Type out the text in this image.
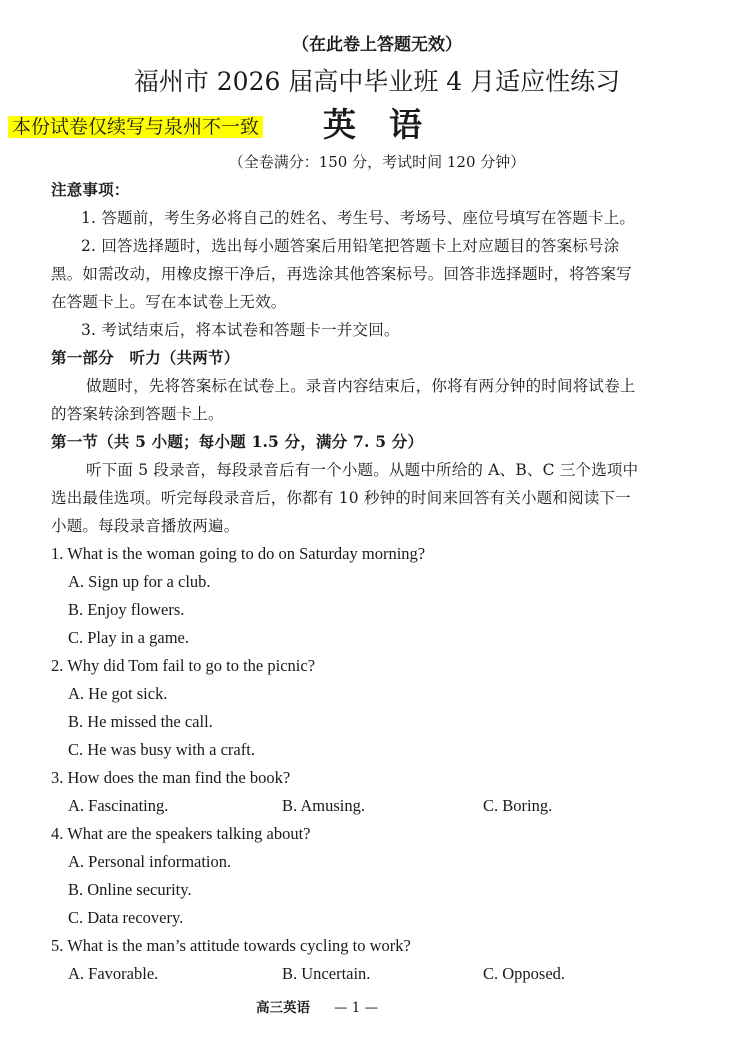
（在此卷上答题无效）
福州市 2026 届高中毕业班 4 月适应性练习
本份试卷仅续写与泉州不一致 英　语
（全卷满分：150 分，考试时间 120 分钟）
注意事项：
1. 答题前，考生务必将自己的姓名、考生号、考场号、座位号填写在答题卡上。
2. 回答选择题时，选出每小题答案后用铅笔把答题卡上对应题目的答案标号涂
黑。如需改动，用橡皮擦干净后，再选涂其他答案标号。回答非选择题时，将答案写
在答题卡上。写在本试卷上无效。
3. 考试结束后，将本试卷和答题卡一并交回。
第一部分　听力（共两节）
做题时，先将答案标在试卷上。录音内容结束后，你将有两分钟的时间将试卷上
的答案转涂到答题卡上。
第一节（共 5 小题；每小题 1.5 分，满分 7. 5 分）
听下面 5 段录音，每段录音后有一个小题。从题中所给的 A、B、C 三个选项中
选出最佳选项。听完每段录音后，你都有 10 秒钟的时间来回答有关小题和阅读下一
小题。每段录音播放两遍。
1. What is the woman going to do on Saturday morning?
A. Sign up for a club.
B. Enjoy flowers.
C. Play in a game.
2. Why did Tom fail to go to the picnic?
A. He got sick.
B. He missed the call.
C. He was busy with a craft.
3. How does the man find the book?
A. Fascinating.	B. Amusing.	C. Boring.
4. What are the speakers talking about?
A. Personal information.
B. Online security.
C. Data recovery.
5. What is the man’s attitude towards cycling to work?
A. Favorable.	B. Uncertain.	C. Opposed.
高三英语 — 1 —
